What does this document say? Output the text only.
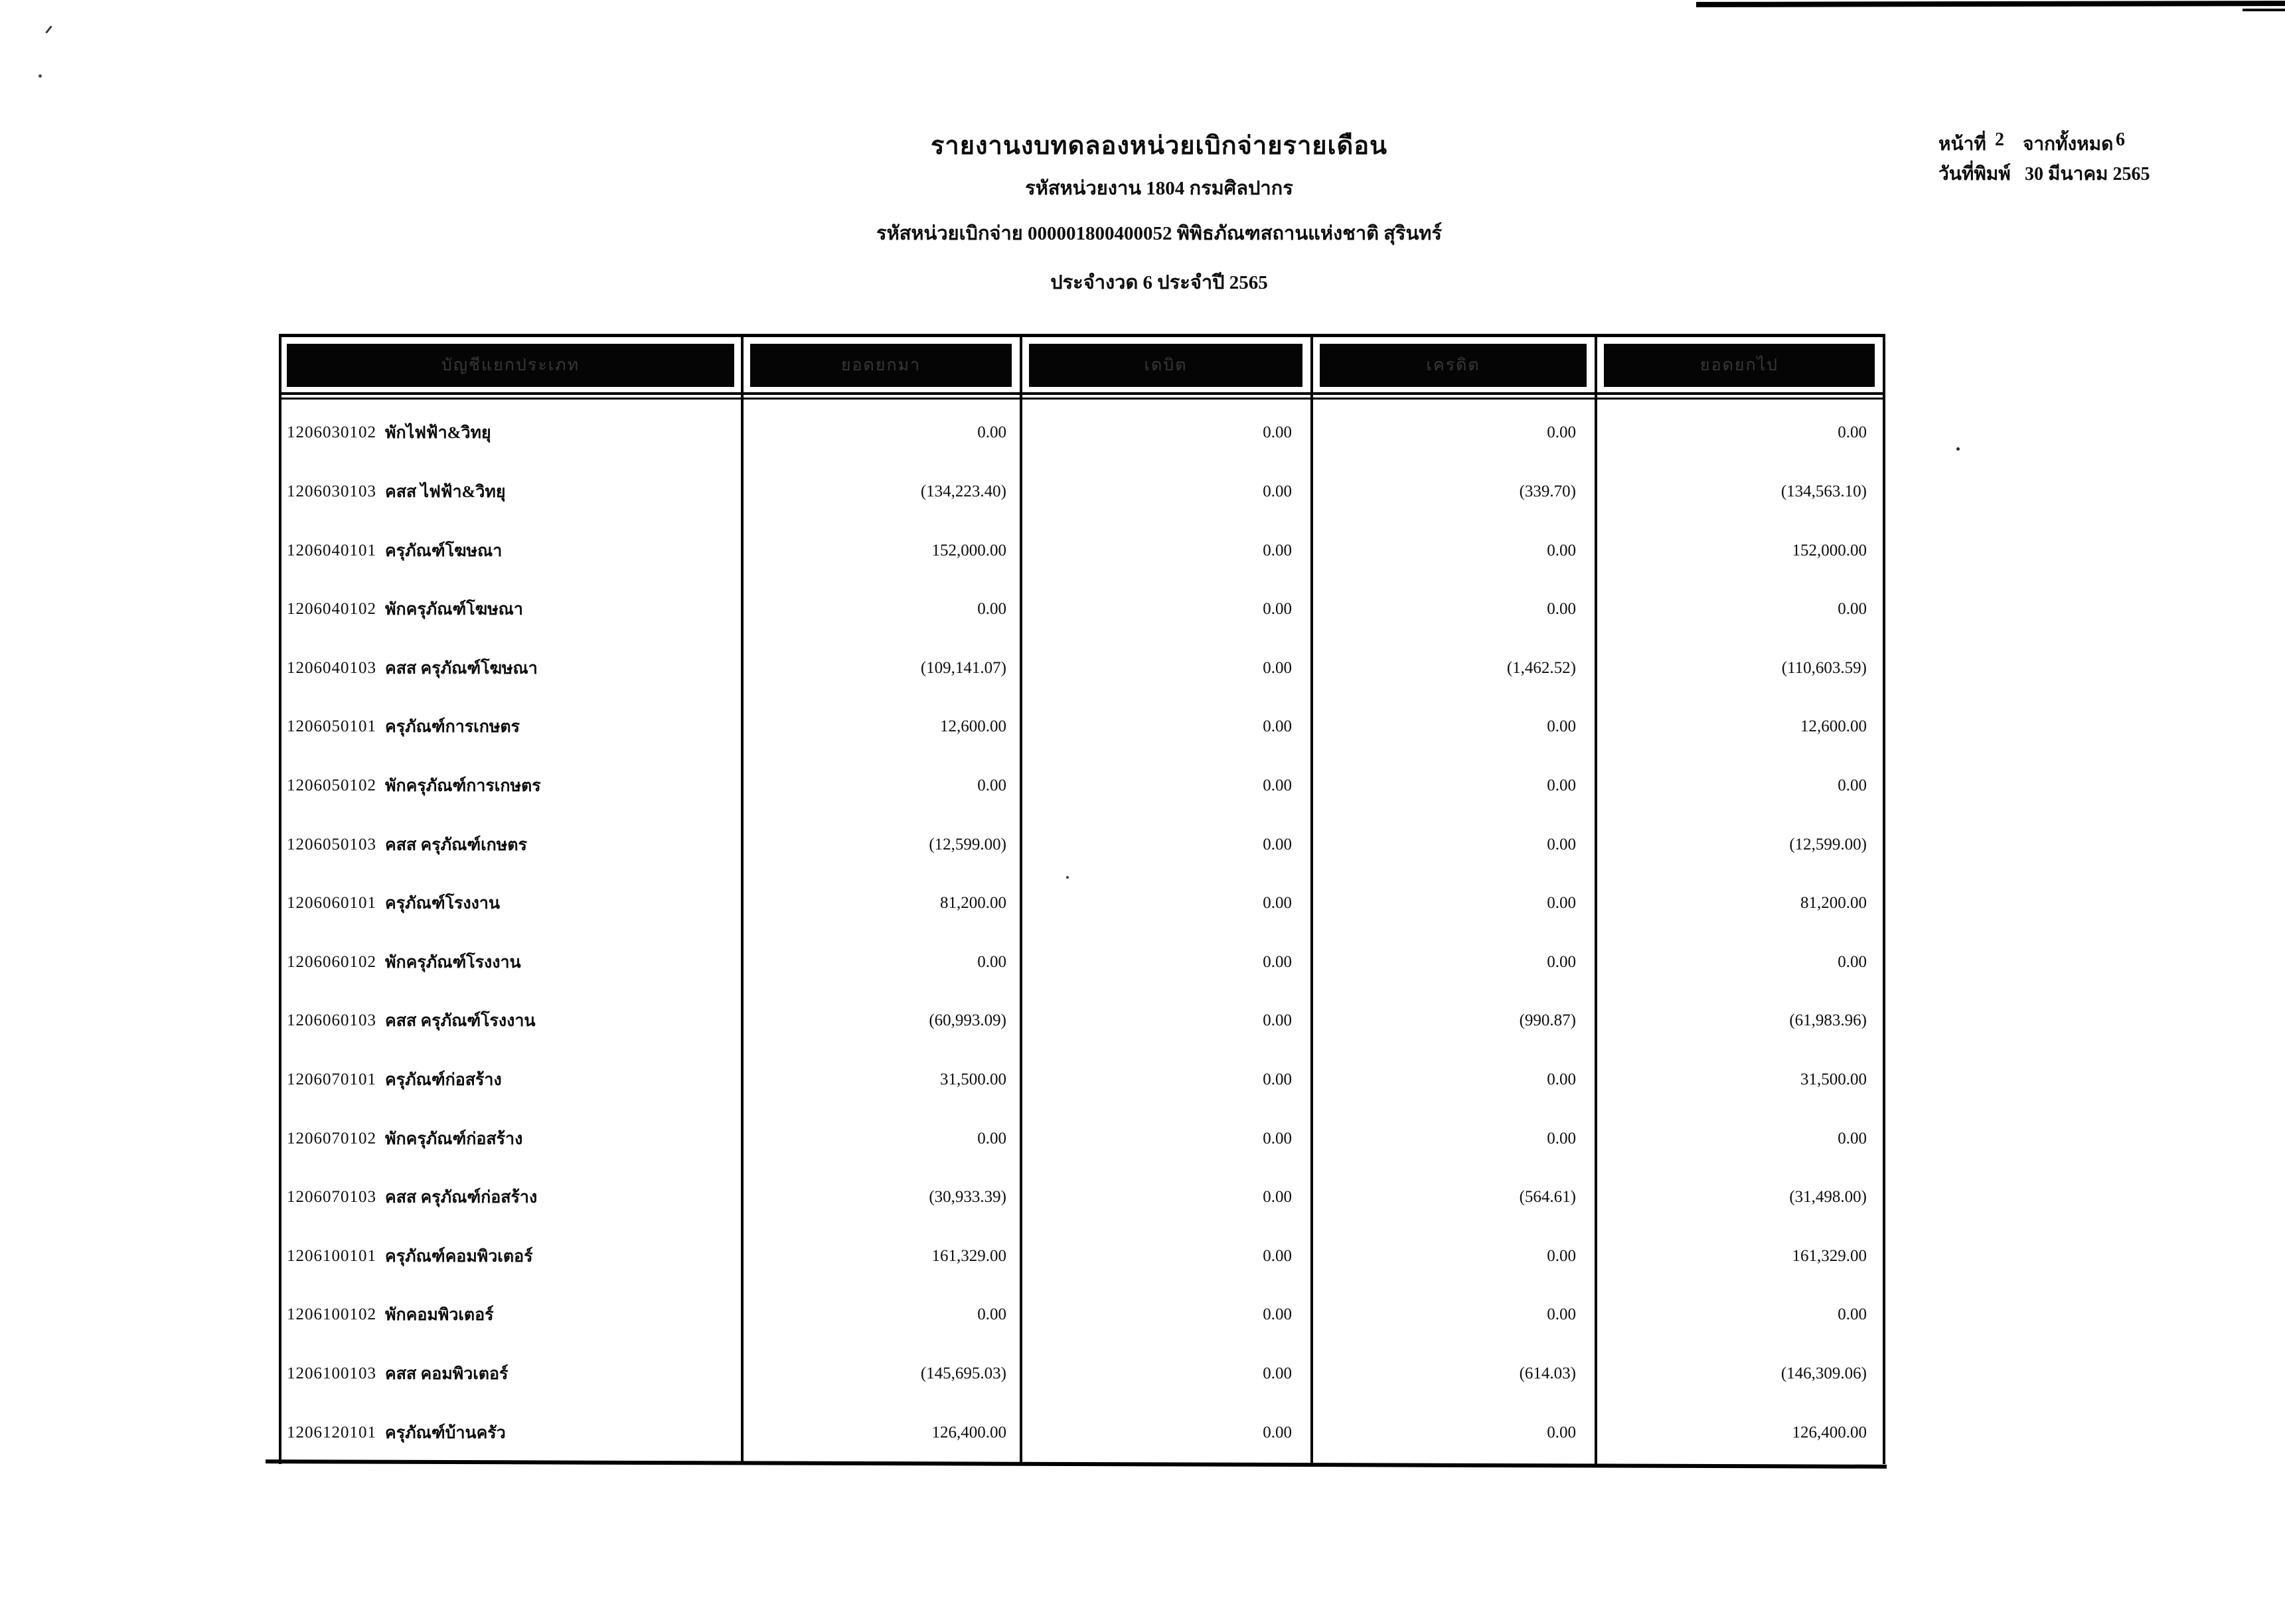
รายงานงบทดลองหน่วยเบิกจ่ายรายเดือน
รหัสหน่วยงาน 1804 กรมศิลปากร
รหัสหน่วยเบิกจ่าย 000001800400052 พิพิธภัณฑสถานแห่งชาติ สุรินทร์
ประจำงวด 6 ประจำปี 2565
หน้าที่ 2 จากทั้งหมด 6
วันที่พิมพ์ 30 มีนาคม 2565
บัญชีแยกประเภท	ยอดยกมา	เดบิต	เครดิต	ยอดยกไป
1206030102 พักไฟฟ้า&วิทยุ	0.00	0.00	0.00	0.00
1206030103 คสส ไฟฟ้า&วิทยุ	(134,223.40)	0.00	(339.70)	(134,563.10)
1206040101 ครุภัณฑ์โฆษณา	152,000.00	0.00	0.00	152,000.00
1206040102 พักครุภัณฑ์โฆษณา	0.00	0.00	0.00	0.00
1206040103 คสส ครุภัณฑ์โฆษณา	(109,141.07)	0.00	(1,462.52)	(110,603.59)
1206050101 ครุภัณฑ์การเกษตร	12,600.00	0.00	0.00	12,600.00
1206050102 พักครุภัณฑ์การเกษตร	0.00	0.00	0.00	0.00
1206050103 คสส ครุภัณฑ์เกษตร	(12,599.00)	0.00	0.00	(12,599.00)
1206060101 ครุภัณฑ์โรงงาน	81,200.00	0.00	0.00	81,200.00
1206060102 พักครุภัณฑ์โรงงาน	0.00	0.00	0.00	0.00
1206060103 คสส ครุภัณฑ์โรงงาน	(60,993.09)	0.00	(990.87)	(61,983.96)
1206070101 ครุภัณฑ์ก่อสร้าง	31,500.00	0.00	0.00	31,500.00
1206070102 พักครุภัณฑ์ก่อสร้าง	0.00	0.00	0.00	0.00
1206070103 คสส ครุภัณฑ์ก่อสร้าง	(30,933.39)	0.00	(564.61)	(31,498.00)
1206100101 ครุภัณฑ์คอมพิวเตอร์	161,329.00	0.00	0.00	161,329.00
1206100102 พักคอมพิวเตอร์	0.00	0.00	0.00	0.00
1206100103 คสส คอมพิวเตอร์	(145,695.03)	0.00	(614.03)	(146,309.06)
1206120101 ครุภัณฑ์บ้านครัว	126,400.00	0.00	0.00	126,400.00
